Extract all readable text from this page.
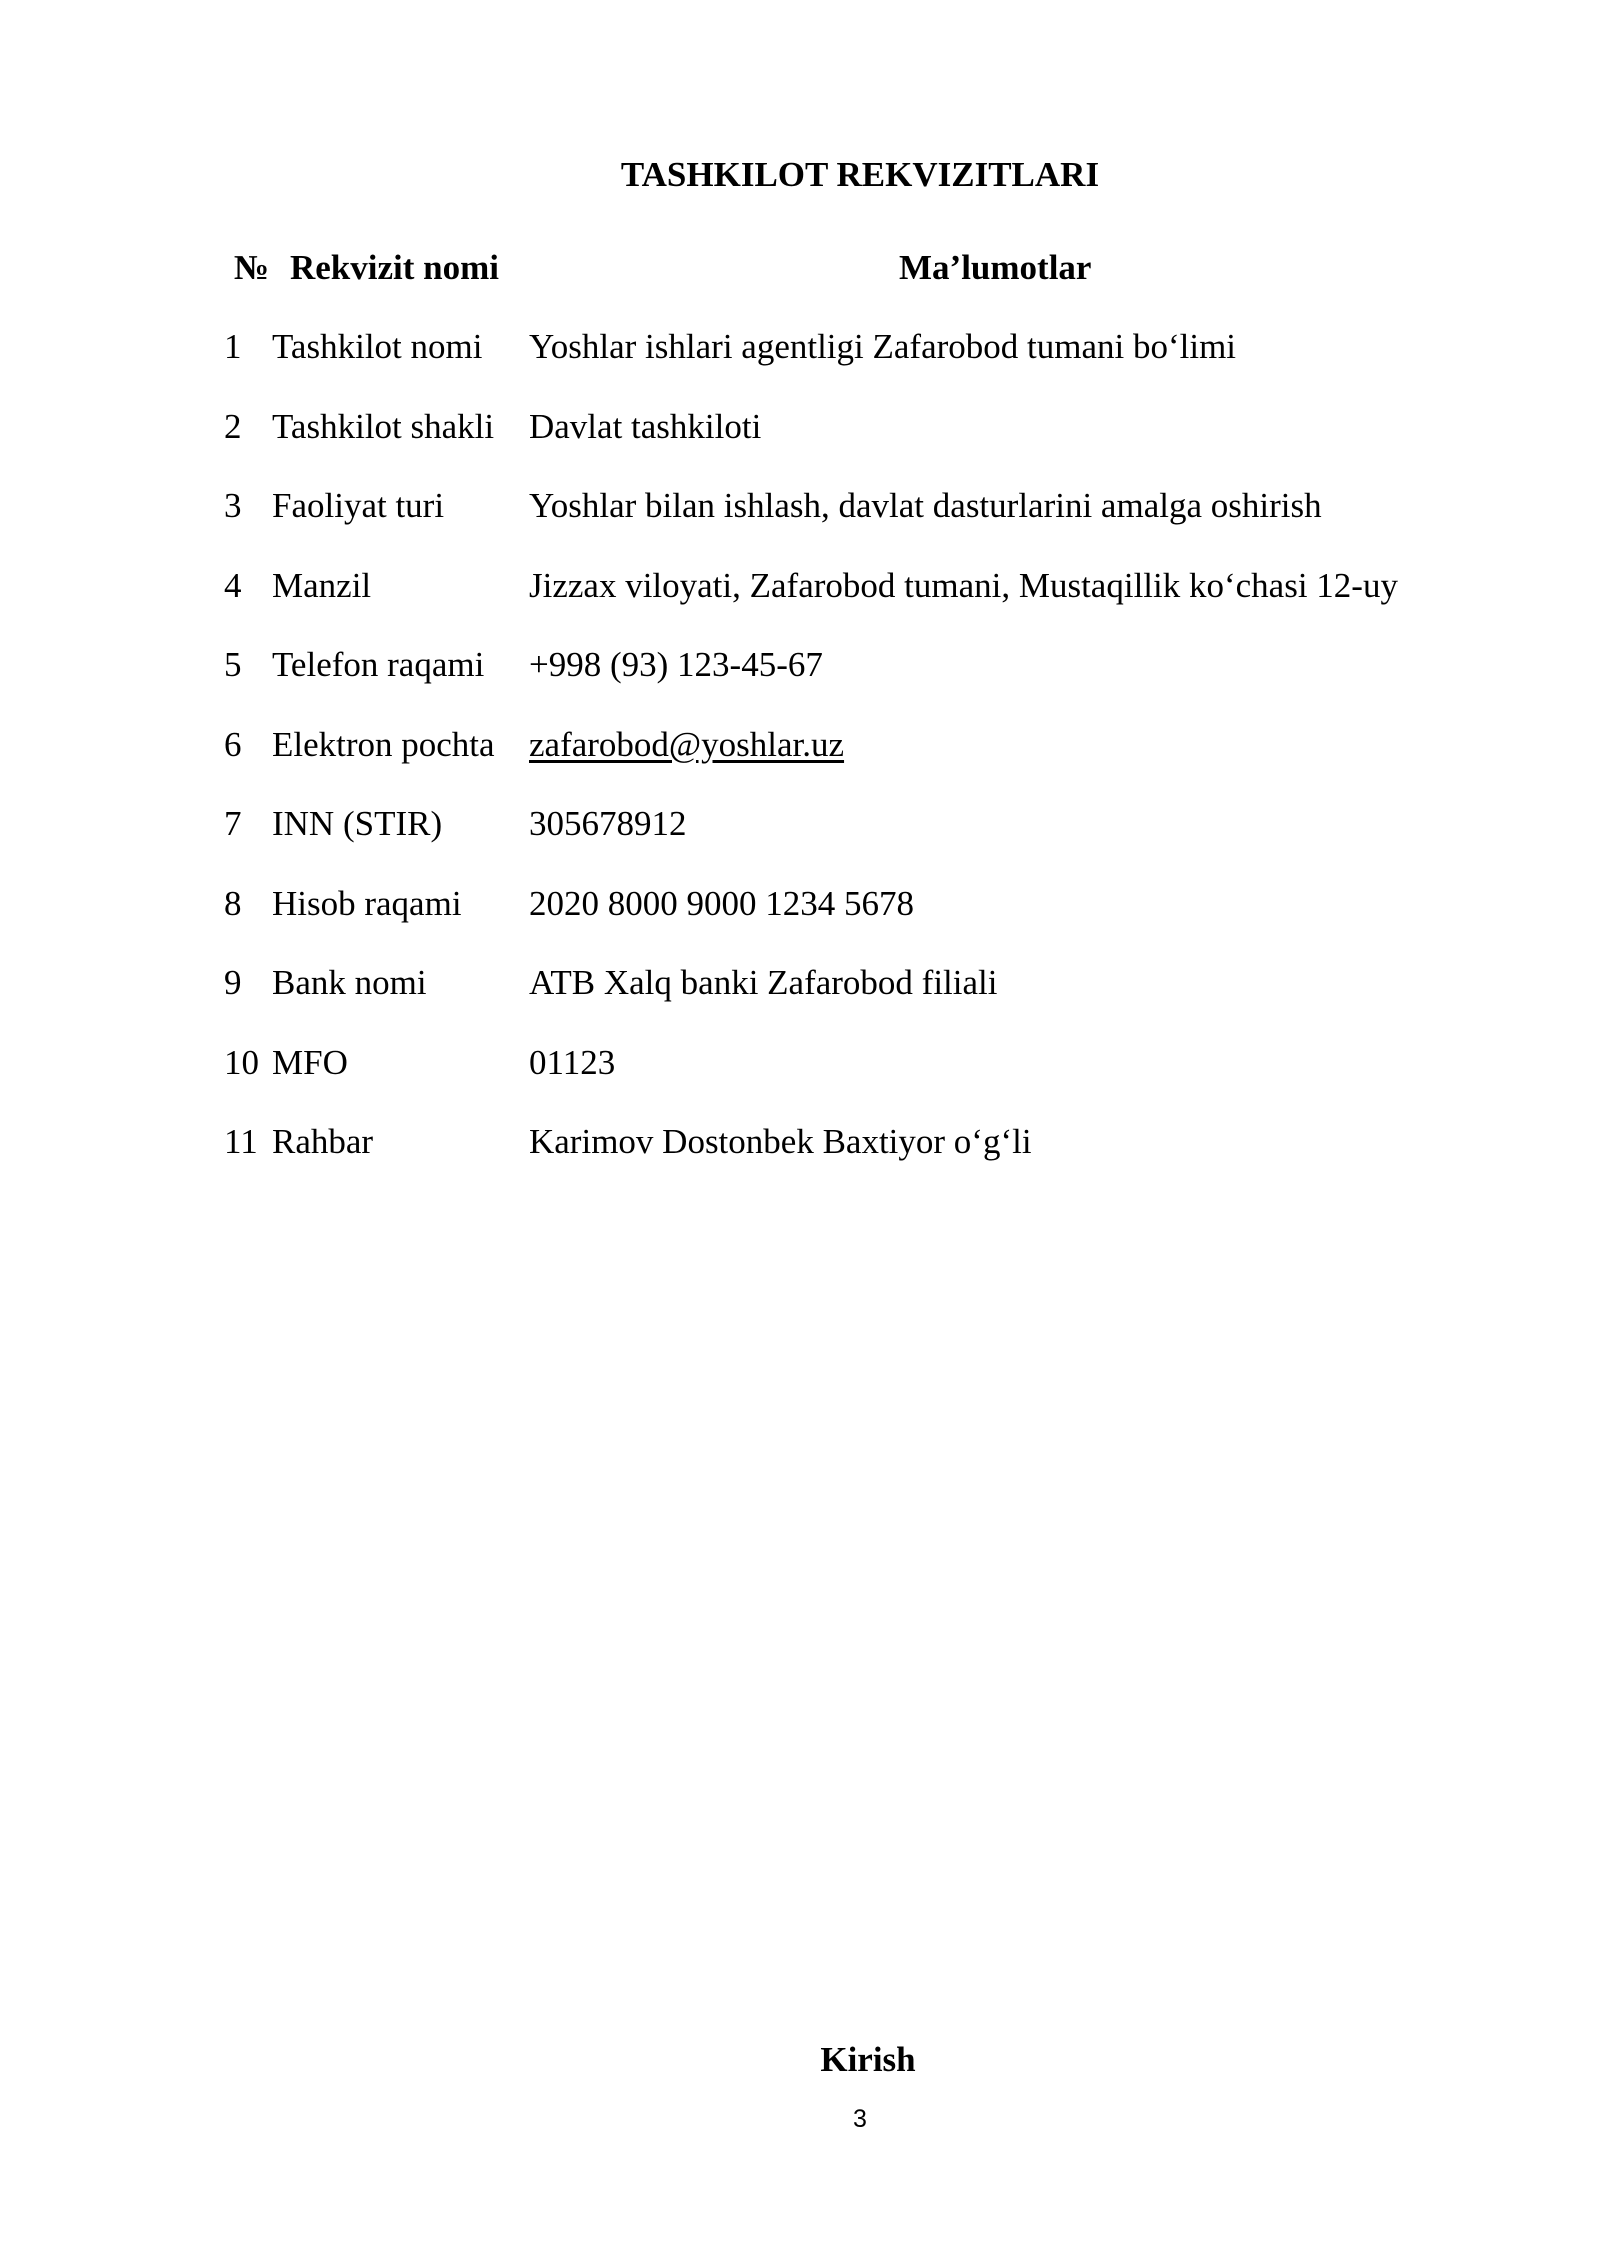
TASHKILOT REKVIZITLARI
№	Rekvizit nomi	Ma’lumotlar
1	Tashkilot nomi	Yoshlar ishlari agentligi Zafarobod tumani bo‘limi
2	Tashkilot shakli	Davlat tashkiloti
3	Faoliyat turi	Yoshlar bilan ishlash, davlat dasturlarini amalga oshirish
4	Manzil	Jizzax viloyati, Zafarobod tumani, Mustaqillik ko‘chasi 12-uy
5	Telefon raqami	+998 (93) 123-45-67
6	Elektron pochta	zafarobod@yoshlar.uz
7	INN (STIR)	305678912
8	Hisob raqami	2020 8000 9000 1234 5678
9	Bank nomi	ATB Xalq banki Zafarobod filiali
10	MFO	01123
11	Rahbar	Karimov Dostonbek Baxtiyor o‘g‘li
Kirish
3
